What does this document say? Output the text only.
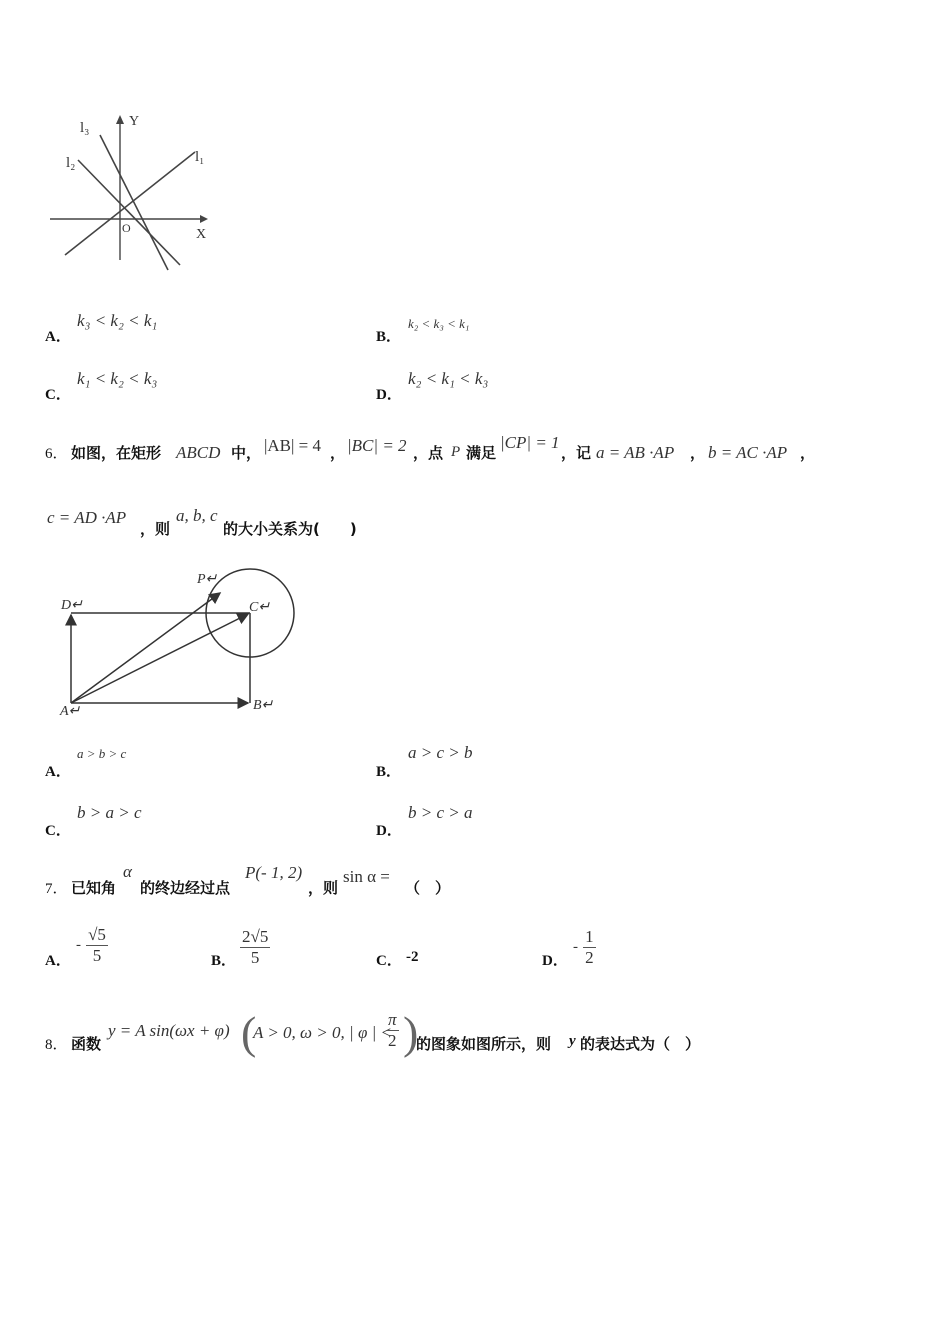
Y
X
O
l₁
l₂
l₃
A．
k₃ < k₂ < k₁
B．
k₂ < k₃ < k₁
C．
k₁ < k₂ < k₃
D．
k₂ < k₁ < k₃
6． 如图，在矩形 ABCD 中， |AB| = 4 ， |BC| = 2 ，点 P 满足
|CP| = 1
，记 a = AB ·AP ， b = AC ·AP ，
c = AD ·AP
，则
a, b, c
的大小关系为(　　)
P↵
C↵
D↵
A↵	B↵
A．
a > b > c
B．
a > c > b
C．
b > a > c
D．
b > c > a
7． 已知角
α
的终边经过点
P(- 1, 2)
，则
sin α =
（　）
A．
- $\frac{√5}{5}$	B． $\frac{2√5}{5}$	C． -2	D．
- $\frac{1}{2}$
8． 函数
y = A sin(ωx + φ) (
A > 0, ω > 0, | φ | <
$\frac{\pi}{2}$ )
的图象如图所示，则 y 的表达式为（　）
